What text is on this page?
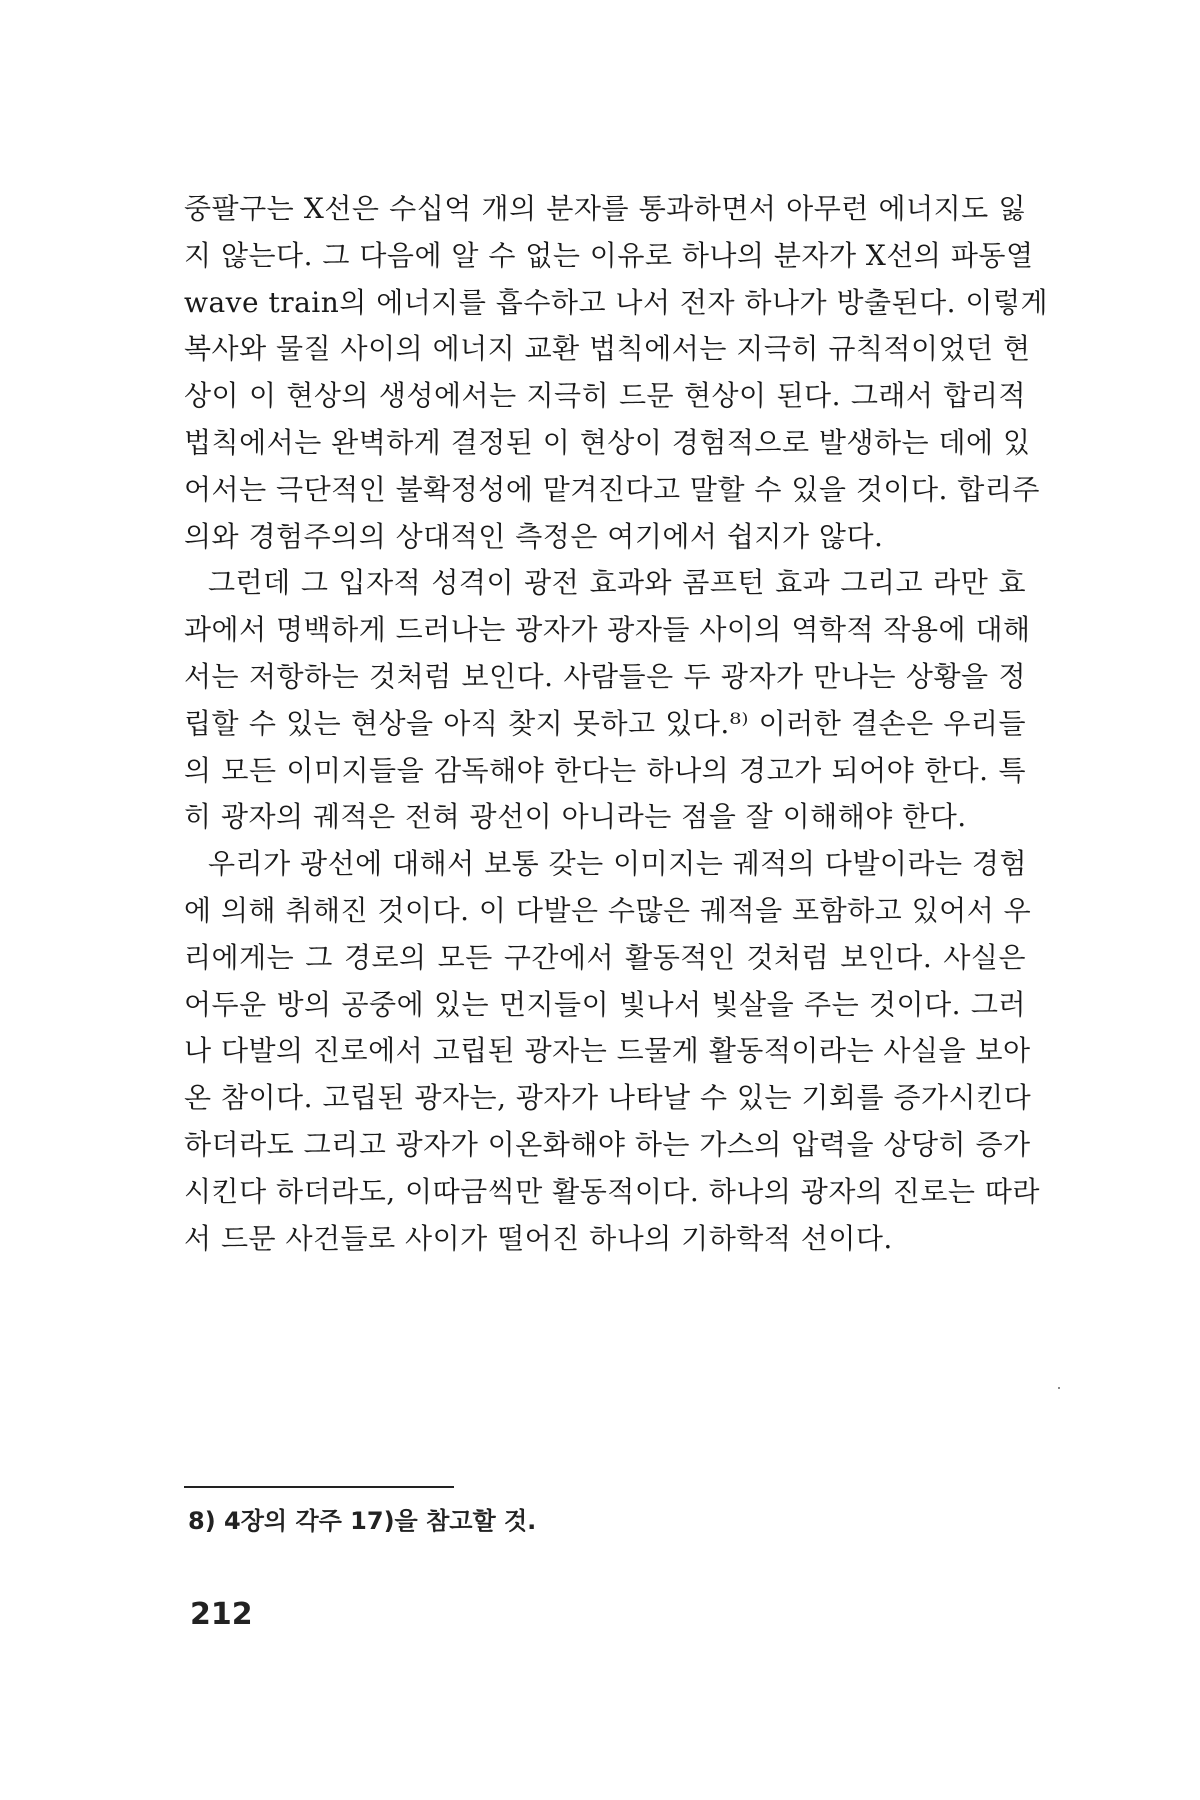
중팔구는 X선은 수십억 개의 분자를 통과하면서 아무런 에너지도 잃
지 않는다. 그 다음에 알 수 없는 이유로 하나의 분자가 X선의 파동열
wave train의 에너지를 흡수하고 나서 전자 하나가 방출된다. 이렇게
복사와 물질 사이의 에너지 교환 법칙에서는 지극히 규칙적이었던 현
상이 이 현상의 생성에서는 지극히 드문 현상이 된다. 그래서 합리적
법칙에서는 완벽하게 결정된 이 현상이 경험적으로 발생하는 데에 있
어서는 극단적인 불확정성에 맡겨진다고 말할 수 있을 것이다. 합리주
의와 경험주의의 상대적인 측정은 여기에서 쉽지가 않다.
그런데 그 입자적 성격이 광전 효과와 콤프턴 효과 그리고 라만 효
과에서 명백하게 드러나는 광자가 광자들 사이의 역학적 작용에 대해
서는 저항하는 것처럼 보인다. 사람들은 두 광자가 만나는 상황을 정
립할 수 있는 현상을 아직 찾지 못하고 있다.⁸⁾ 이러한 결손은 우리들
의 모든 이미지들을 감독해야 한다는 하나의 경고가 되어야 한다. 특
히 광자의 궤적은 전혀 광선이 아니라는 점을 잘 이해해야 한다.
우리가 광선에 대해서 보통 갖는 이미지는 궤적의 다발이라는 경험
에 의해 취해진 것이다. 이 다발은 수많은 궤적을 포함하고 있어서 우
리에게는 그 경로의 모든 구간에서 활동적인 것처럼 보인다. 사실은
어두운 방의 공중에 있는 먼지들이 빛나서 빛살을 주는 것이다. 그러
나 다발의 진로에서 고립된 광자는 드물게 활동적이라는 사실을 보아
온 참이다. 고립된 광자는, 광자가 나타날 수 있는 기회를 증가시킨다
하더라도 그리고 광자가 이온화해야 하는 가스의 압력을 상당히 증가
시킨다 하더라도, 이따금씩만 활동적이다. 하나의 광자의 진로는 따라
서 드문 사건들로 사이가 떨어진 하나의 기하학적 선이다.
8) 4장의 각주 17)을 참고할 것.
212
